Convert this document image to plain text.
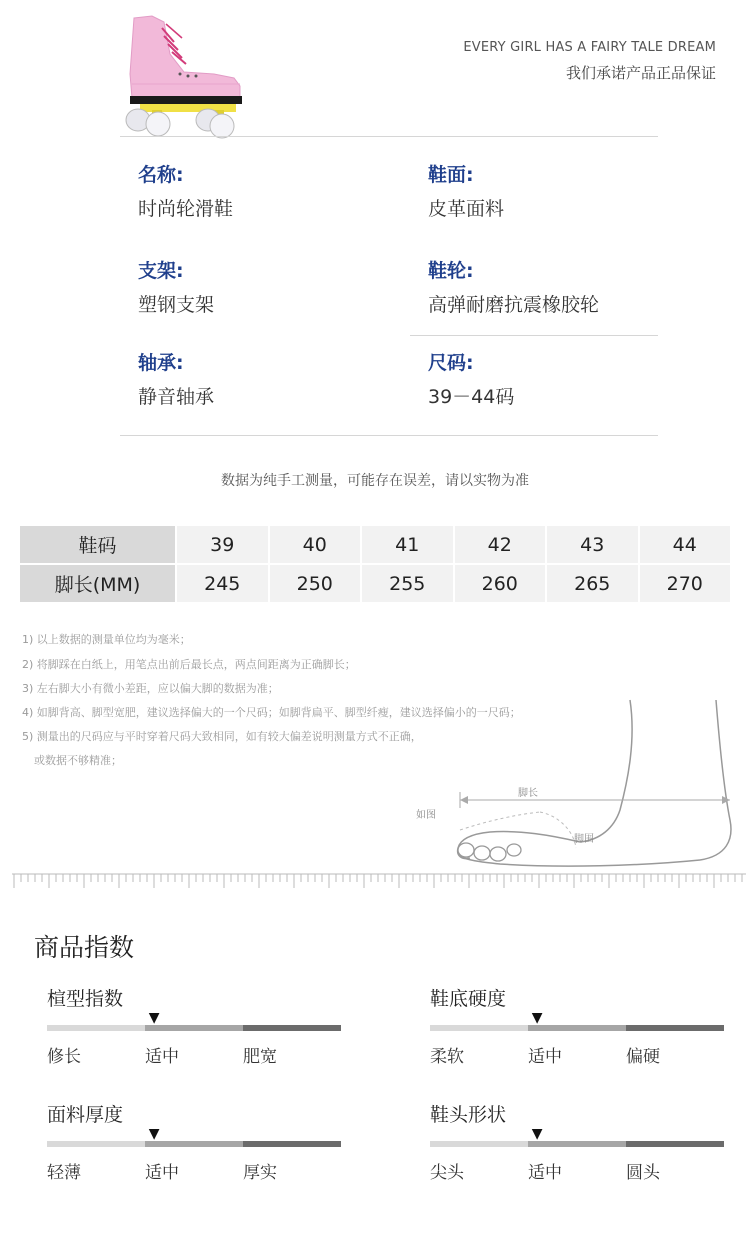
EVERY GIRL HAS A FAIRY TALE DREAM
我们承诺产品正品保证
名称:
时尚轮滑鞋
鞋面:
皮革面料
支架:
塑钢支架
鞋轮:
高弹耐磨抗震橡胶轮
轴承:
静音轴承
尺码:
39－44码
数据为纯手工测量，可能存在误差，请以实物为准
鞋码	39	40	41	42	43	44
脚长(MM)	245	250	255	260	265	270
1) 以上数据的测量单位均为毫米；
2) 将脚踩在白纸上，用笔点出前后最长点，两点间距离为正确脚长；
3) 左右脚大小有微小差距，应以偏大脚的数据为准；
4) 如脚背高、脚型宽肥，建议选择偏大的一个尺码；如脚背扁平、脚型纤瘦，建议选择偏小的一尺码；
5) 测量出的尺码应与平时穿着尺码大致相同，如有较大偏差说明测量方式不正确，
或数据不够精准；
脚长
如图
脚围
商品指数
楦型指数
▼
修长	适中	肥宽
鞋底硬度
▼
柔软	适中	偏硬
面料厚度
▼
轻薄	适中	厚实
鞋头形状
▼
尖头	适中	圆头
